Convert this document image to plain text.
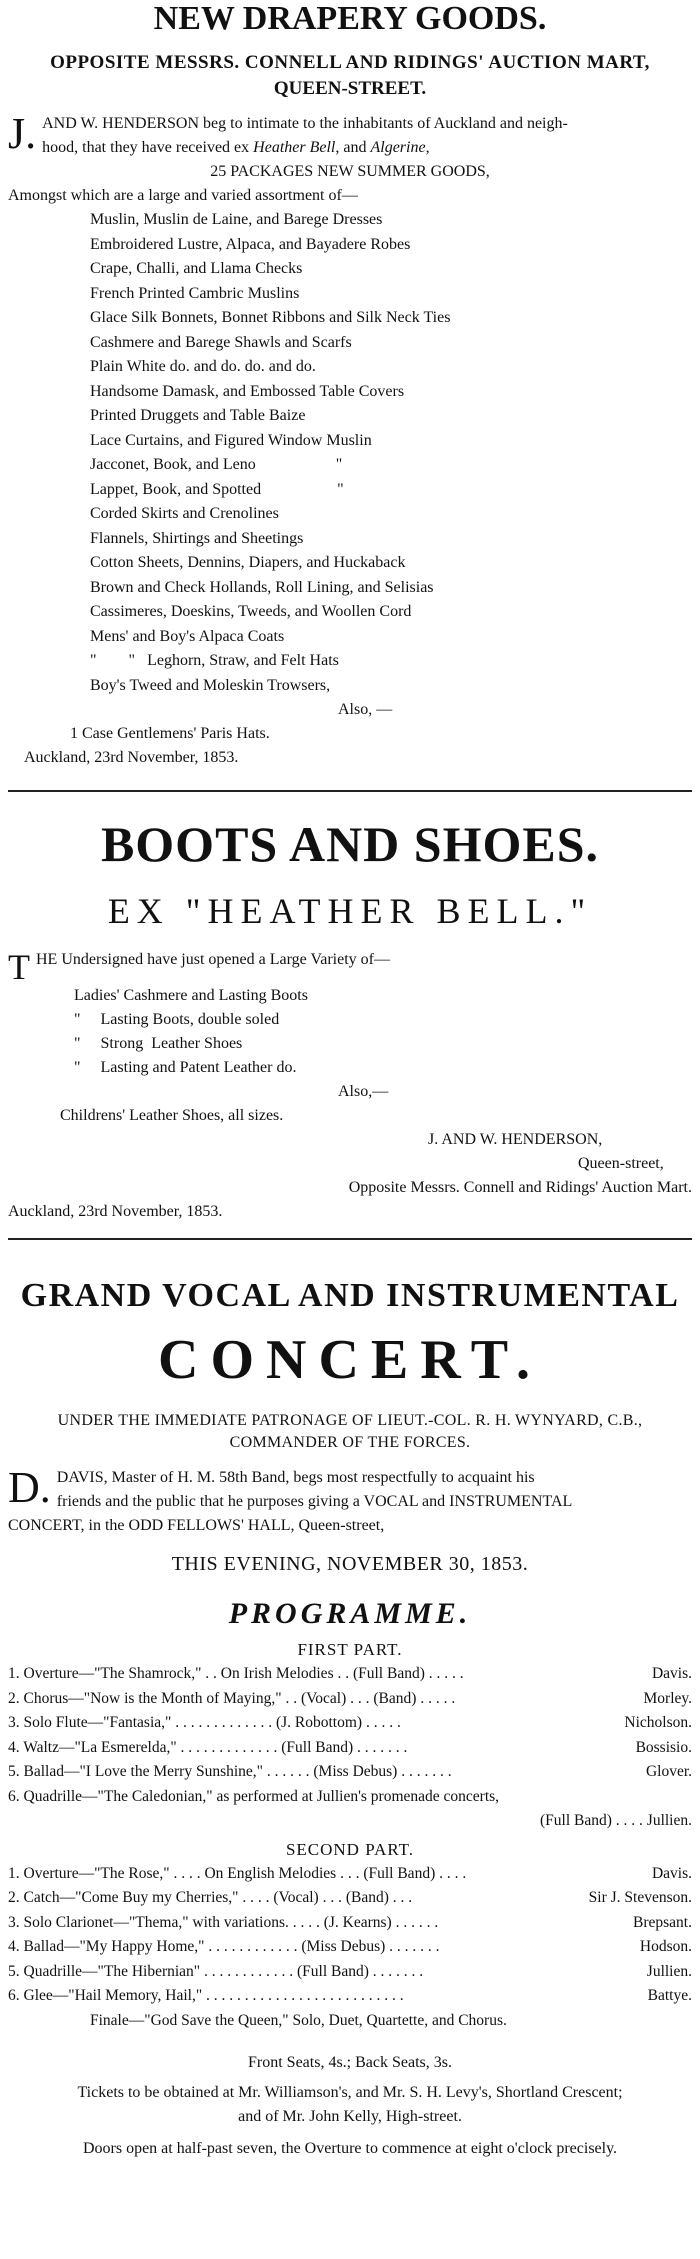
NEW DRAPERY GOODS.
OPPOSITE MESSRS. CONNELL AND RIDINGS' AUCTION MART,
QUEEN-STREET.
J. AND W. HENDERSON beg to intimate to the inhabitants of Auckland and neigh-
hood, that they have received ex Heather Bell, and Algerine,
25 PACKAGES NEW SUMMER GOODS,
Amongst which are a large and varied assortment of—
Muslin, Muslin de Laine, and Barege Dresses
Embroidered Lustre, Alpaca, and Bayadere Robes
Crape, Challi, and Llama Checks
French Printed Cambric Muslins
Glace Silk Bonnets, Bonnet Ribbons and Silk Neck Ties
Cashmere and Barege Shawls and Scarfs
Plain White do. and do. do. and do.
Handsome Damask, and Embossed Table Covers
Printed Druggets and Table Baize
Lace Curtains, and Figured Window Muslin
Jacconet, Book, and Leno                    "
Lappet, Book, and Spotted                   "
Corded Skirts and Crenolines
Flannels, Shirtings and Sheetings
Cotton Sheets, Dennins, Diapers, and Huckaback
Brown and Check Hollands, Roll Lining, and Selisias
Cassimeres, Doeskins, Tweeds, and Woollen Cord
Mens' and Boy's Alpaca Coats
"        "   Leghorn, Straw, and Felt Hats
Boy's Tweed and Moleskin Trowsers,
Also, —
1 Case Gentlemens' Paris Hats.
Auckland, 23rd November, 1853.
BOOTS AND SHOES.
EX "HEATHER BELL."
T HE Undersigned have just opened a Large Variety of—
Ladies' Cashmere and Lasting Boots
"     Lasting Boots, double soled
"     Strong  Leather Shoes
"     Lasting and Patent Leather do.
Also,—
Childrens' Leather Shoes, all sizes.
J. AND W. HENDERSON,
Queen-street,
Opposite Messrs. Connell and Ridings' Auction Mart.
Auckland, 23rd November, 1853.
GRAND VOCAL AND INSTRUMENTAL
CONCERT.
UNDER THE IMMEDIATE PATRONAGE OF LIEUT.-COL. R. H. WYNYARD, C.B.,
COMMANDER OF THE FORCES.
D. DAVIS, Master of H. M. 58th Band, begs most respectfully to acquaint his
friends and the public that he purposes giving a VOCAL and INSTRUMENTAL
CONCERT, in the ODD FELLOWS' HALL, Queen-street,
THIS EVENING, NOVEMBER 30, 1853.
PROGRAMME.
FIRST PART.
1. Overture—"The Shamrock," . . On Irish Melodies . . (Full Band) . . . . .	Davis.
2. Chorus—"Now is the Month of Maying," . . (Vocal) . . . (Band) . . . . .	Morley.
3. Solo Flute—"Fantasia," . . . . . . . . . . . . . (J. Robottom) . . . . .	Nicholson.
4. Waltz—"La Esmerelda," . . . . . . . . . . . . . (Full Band) . . . . . . .	Bossisio.
5. Ballad—"I Love the Merry Sunshine," . . . . . . (Miss Debus) . . . . . . .	Glover.
6. Quadrille—"The Caledonian," as performed at Jullien's promenade concerts,
(Full Band) . . . . Jullien.
SECOND PART.
1. Overture—"The Rose," . . . . On English Melodies . . . (Full Band) . . . .	Davis.
2. Catch—"Come Buy my Cherries," . . . . (Vocal) . . . (Band) . . .	Sir J. Stevenson.
3. Solo Clarionet—"Thema," with variations. . . . . (J. Kearns) . . . . . .	Brepsant.
4. Ballad—"My Happy Home," . . . . . . . . . . . . (Miss Debus) . . . . . . .	Hodson.
5. Quadrille—"The Hibernian" . . . . . . . . . . . . (Full Band) . . . . . . .	Jullien.
6. Glee—"Hail Memory, Hail," . . . . . . . . . . . . . . . . . . . . . . . . . .	Battye.
Finale—"God Save the Queen," Solo, Duet, Quartette, and Chorus.
Front Seats, 4s.; Back Seats, 3s.
Tickets to be obtained at Mr. Williamson's, and Mr. S. H. Levy's, Shortland Crescent;
and of Mr. John Kelly, High-street.
Doors open at half-past seven, the Overture to commence at eight o'clock precisely.
